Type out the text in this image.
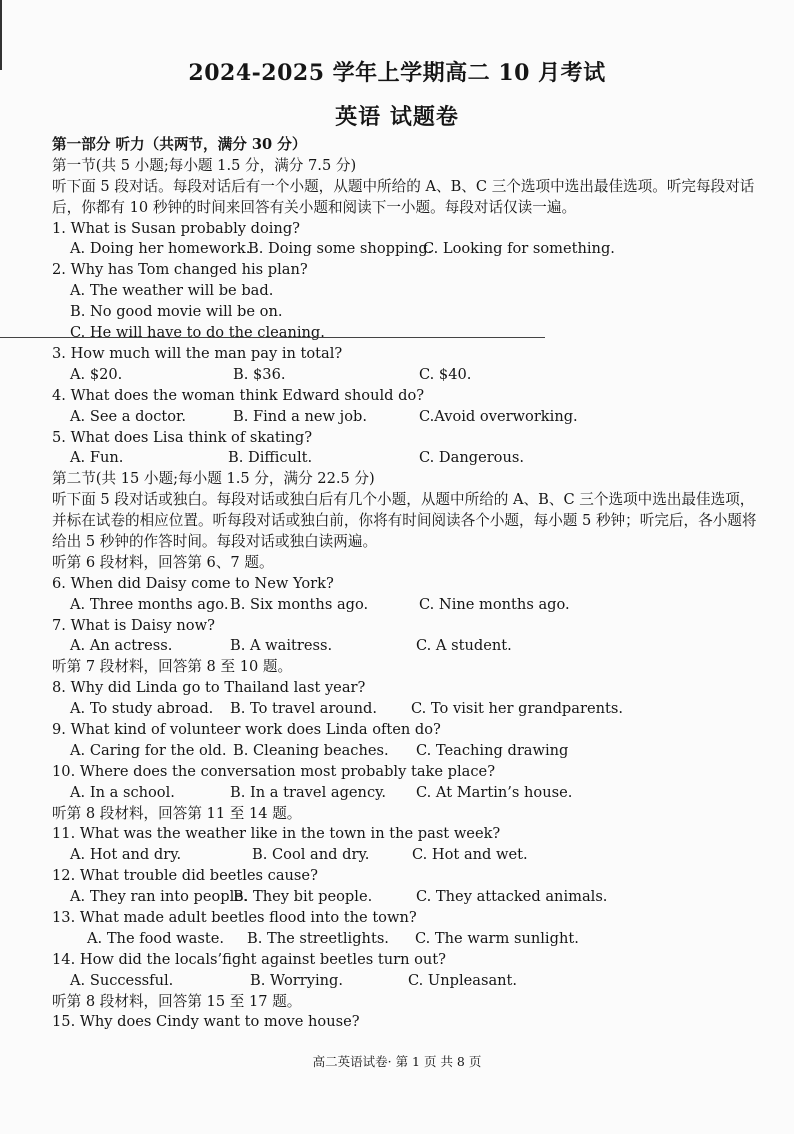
2024-2025 学年上学期高二 10 月考试
英语 试题卷
第一部分 听力（共两节，满分 30 分）
第一节(共 5 小题;每小题 1.5 分，满分 7.5 分)
听下面 5 段对话。每段对话后有一个小题，从题中所给的 A、B、C 三个选项中选出最佳选项。听完每段对话后，你都有 10 秒钟的时间来回答有关小题和阅读下一小题。每段对话仅读一遍。
1. What is Susan probably doing?
A. Doing her homework.B. Doing some shopping.C. Looking for something.
2. Why has Tom changed his plan?
A. The weather will be bad.
B. No good movie will be on.
C. He will have to do the cleaning.
3. How much will the man pay in total?
A. $20.	B. $36.	C. $40.
4. What does the woman think Edward should do?
A. See a doctor.	B. Find a new job.	C.Avoid overworking.
5. What does Lisa think of skating?
A. Fun.	B. Difficult.	C. Dangerous.
第二节(共 15 小题;每小题 1.5 分，满分 22.5 分)
听下面 5 段对话或独白。每段对话或独白后有几个小题，从题中所给的 A、B、C 三个选项中选出最佳选项，并标在试卷的相应位置。听每段对话或独白前，你将有时间阅读各个小题，每小题 5 秒钟；听完后，各小题将给出 5 秒钟的作答时间。每段对话或独白读两遍。
听第 6 段材料，回答第 6、7 题。
6. When did Daisy come to New York?
A. Three months ago. B. Six months ago.	C. Nine months ago.
7. What is Daisy now?
A. An actress.	B. A waitress.	C. A student.
听第 7 段材料，回答第 8 至 10 题。
8. Why did Linda go to Thailand last year?
A. To study abroad. B. To travel around. C. To visit her grandparents.
9. What kind of volunteer work does Linda often do?
A. Caring for the old. B. Cleaning beaches. C. Teaching drawing
10. Where does the conversation most probably take place?
A. In a school.	B. In a travel agency. C. At Martin’s house.
听第 8 段材料，回答第 11 至 14 题。
11. What was the weather like in the town in the past week?
A. Hot and dry.	B. Cool and dry.	C. Hot and wet.
12. What trouble did beetles cause?
A. They ran into people.B. They bit people.	C. They attacked animals.
13. What made adult beetles flood into the town?
A. The food waste. B. The streetlights. C. The warm sunlight.
14. How did the locals’fight against beetles turn out?
A. Successful.	B. Worrying.	C. Unpleasant.
听第 8 段材料，回答第 15 至 17 题。
15. Why does Cindy want to move house?
高二英语试卷· 第 1 页 共 8 页
